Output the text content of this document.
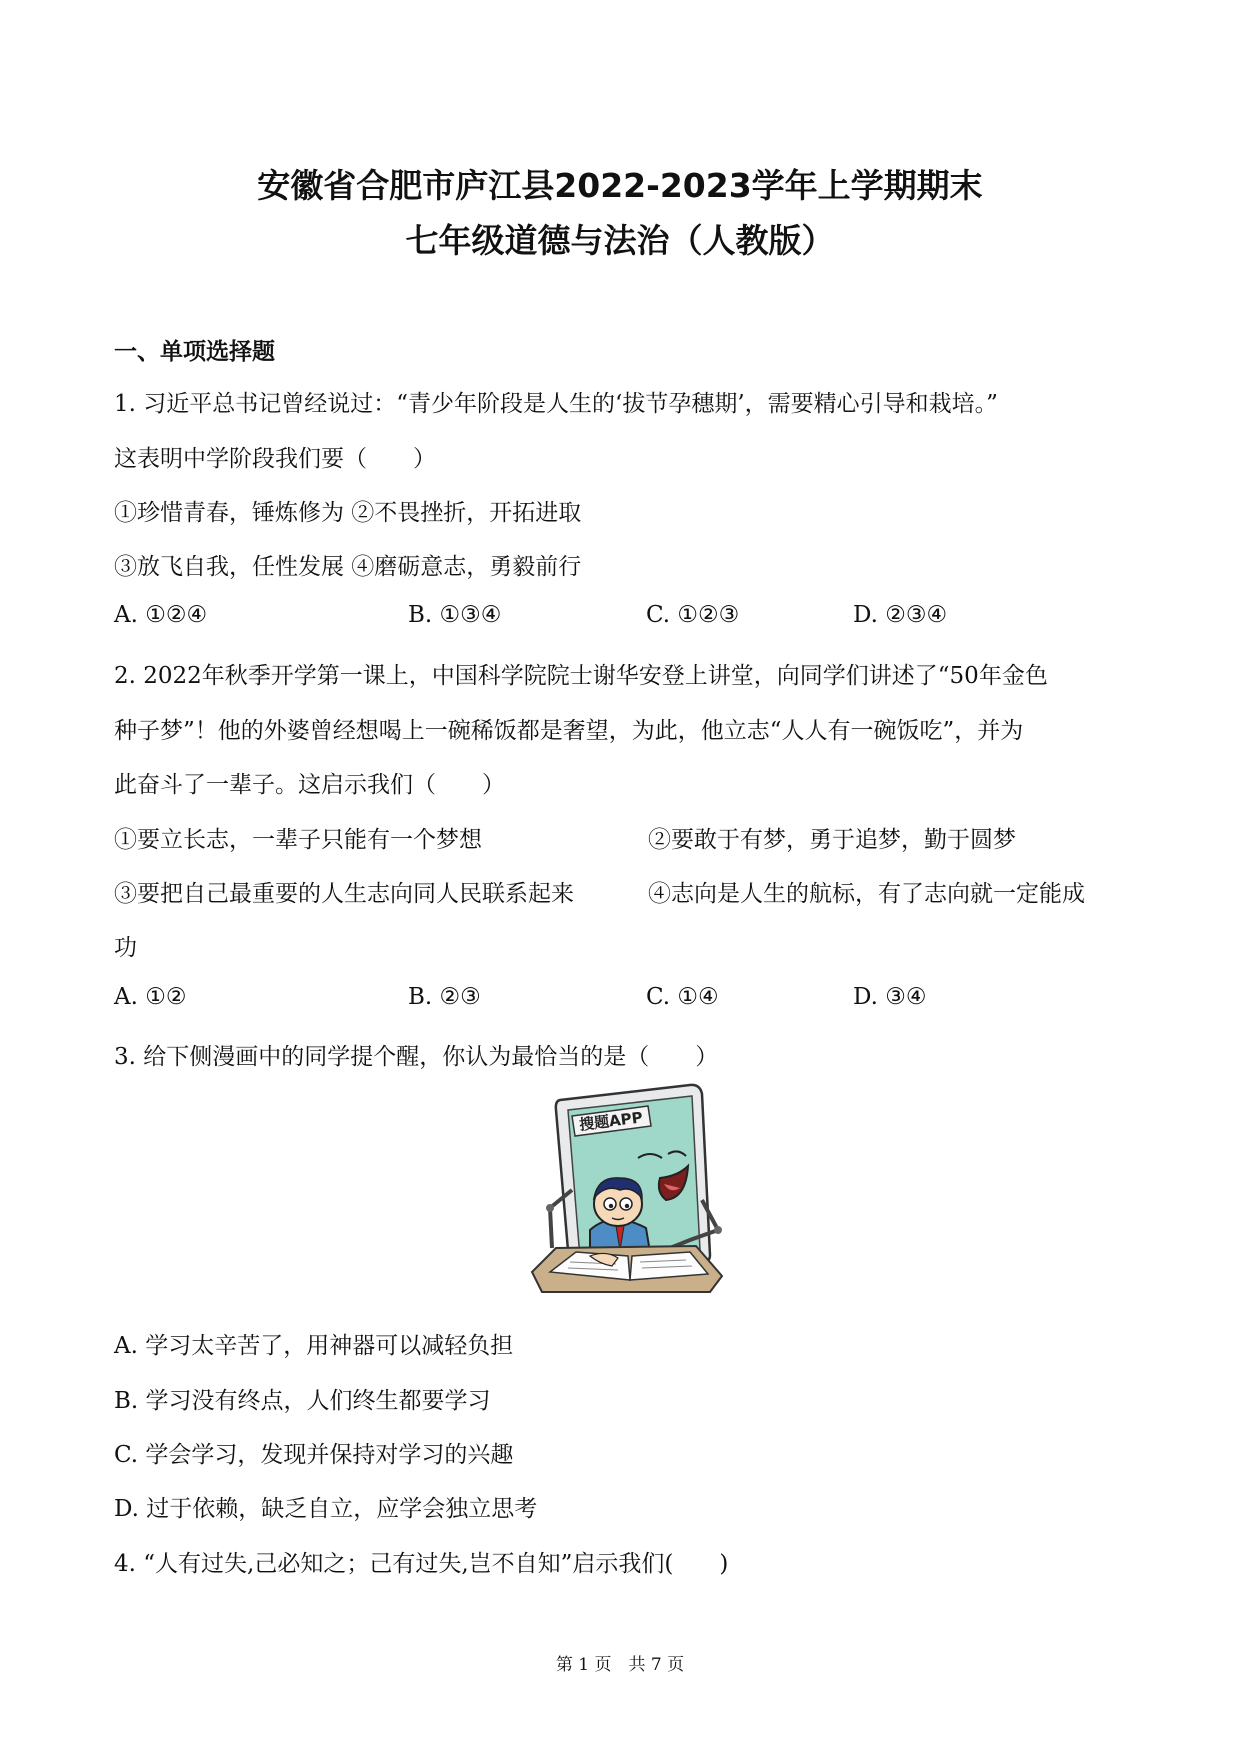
安徽省合肥市庐江县2022-2023学年上学期期末
七年级道德与法治（人教版）
一、单项选择题
1. 习近平总书记曾经说过：“青少年阶段是人生的‘拔节孕穗期’，需要精心引导和栽培。”
这表明中学阶段我们要（　　）
①珍惜青春，锤炼修为 ②不畏挫折，开拓进取
③放飞自我，任性发展 ④磨砺意志，勇毅前行
A. ①②④	B. ①③④	C. ①②③	D. ②③④
2. 2022年秋季开学第一课上，中国科学院院士谢华安登上讲堂，向同学们讲述了“50年金色
种子梦”！他的外婆曾经想喝上一碗稀饭都是奢望，为此，他立志“人人有一碗饭吃”，并为
此奋斗了一辈子。这启示我们（　　）
①要立长志，一辈子只能有一个梦想	②要敢于有梦，勇于追梦，勤于圆梦
③要把自己最重要的人生志向同人民联系起来	④志向是人生的航标，有了志向就一定能成
功
A. ①②	B. ②③	C. ①④	D. ③④
3. 给下侧漫画中的同学提个醒，你认为最恰当的是（　　）
搜题APP
A. 学习太辛苦了，用神器可以减轻负担
B. 学习没有终点，人们终生都要学习
C. 学会学习，发现并保持对学习的兴趣
D. 过于依赖，缺乏自立，应学会独立思考
4. “人有过失,己必知之；己有过失,岂不自知”启示我们(　　)
第 1 页　共 7 页
